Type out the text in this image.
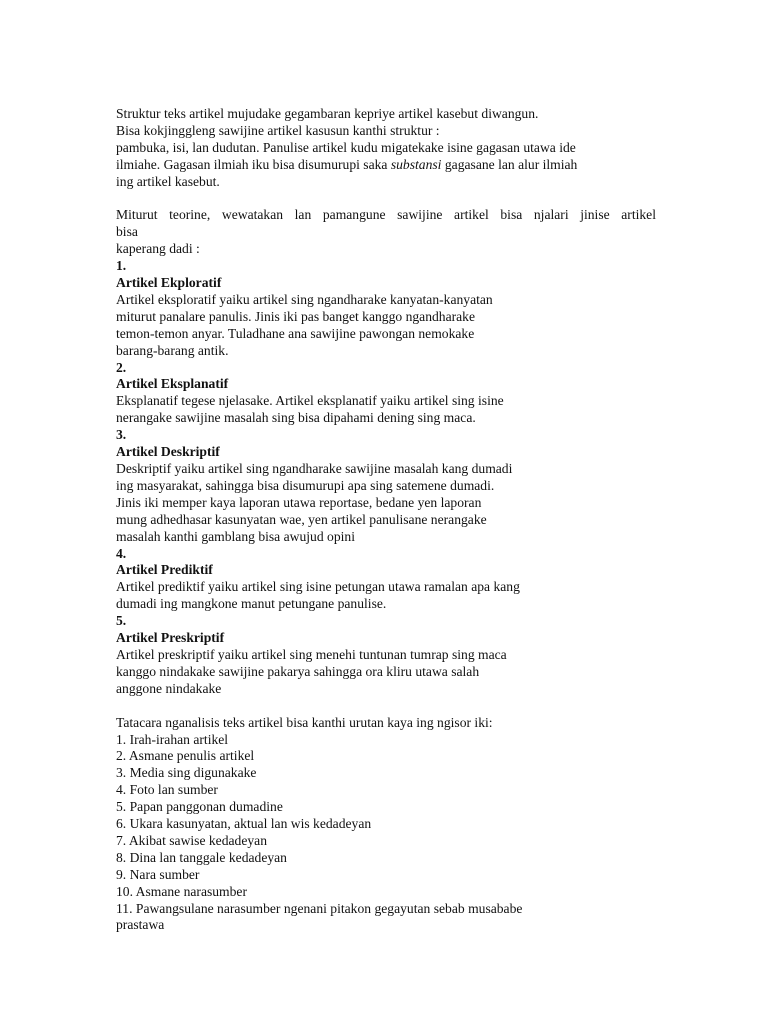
Struktur teks artikel mujudake gegambaran kepriye artikel kasebut diwangun.
Bisa kokjinggleng sawijine artikel kasusun kanthi struktur :
pambuka, isi, lan dudutan. Panulise artikel kudu migatekake isine gagasan utawa ide
ilmiahe. Gagasan ilmiah iku bisa disumurupi saka substansi gagasane lan alur ilmiah
ing artikel kasebut.
Miturut teorine, wewatakan lan pamangune sawijine artikel bisa njalari jinise artikel
bisa
kaperang dadi :
1.
Artikel Ekploratif
Artikel eksploratif yaiku artikel sing ngandharake kanyatan-kanyatan
miturut panalare panulis. Jinis iki pas banget kanggo ngandharake
temon-temon anyar. Tuladhane ana sawijine pawongan nemokake
barang-barang antik.
2.
Artikel Eksplanatif
Eksplanatif tegese njelasake. Artikel eksplanatif yaiku artikel sing isine
nerangake sawijine masalah sing bisa dipahami dening sing maca.
3.
Artikel Deskriptif
Deskriptif yaiku artikel sing ngandharake sawijine masalah kang dumadi
ing masyarakat, sahingga bisa disumurupi apa sing satemene dumadi.
Jinis iki memper kaya laporan utawa reportase, bedane yen laporan
mung adhedhasar kasunyatan wae, yen artikel panulisane nerangake
masalah kanthi gamblang bisa awujud opini
4.
Artikel Prediktif
Artikel prediktif yaiku artikel sing isine petungan utawa ramalan apa kang
dumadi ing mangkone manut petungane panulise.
5.
Artikel Preskriptif
Artikel preskriptif yaiku artikel sing menehi tuntunan tumrap sing maca
kanggo nindakake sawijine pakarya sahingga ora kliru utawa salah
anggone nindakake
Tatacara nganalisis teks artikel bisa kanthi urutan kaya ing ngisor iki:
1. Irah-irahan artikel
2. Asmane penulis artikel
3. Media sing digunakake
4. Foto lan sumber
5. Papan panggonan dumadine
6. Ukara kasunyatan, aktual lan wis kedadeyan
7. Akibat sawise kedadeyan
8. Dina lan tanggale kedadeyan
9. Nara sumber
10. Asmane narasumber
11. Pawangsulane narasumber ngenani pitakon gegayutan sebab musababe
prastawa
